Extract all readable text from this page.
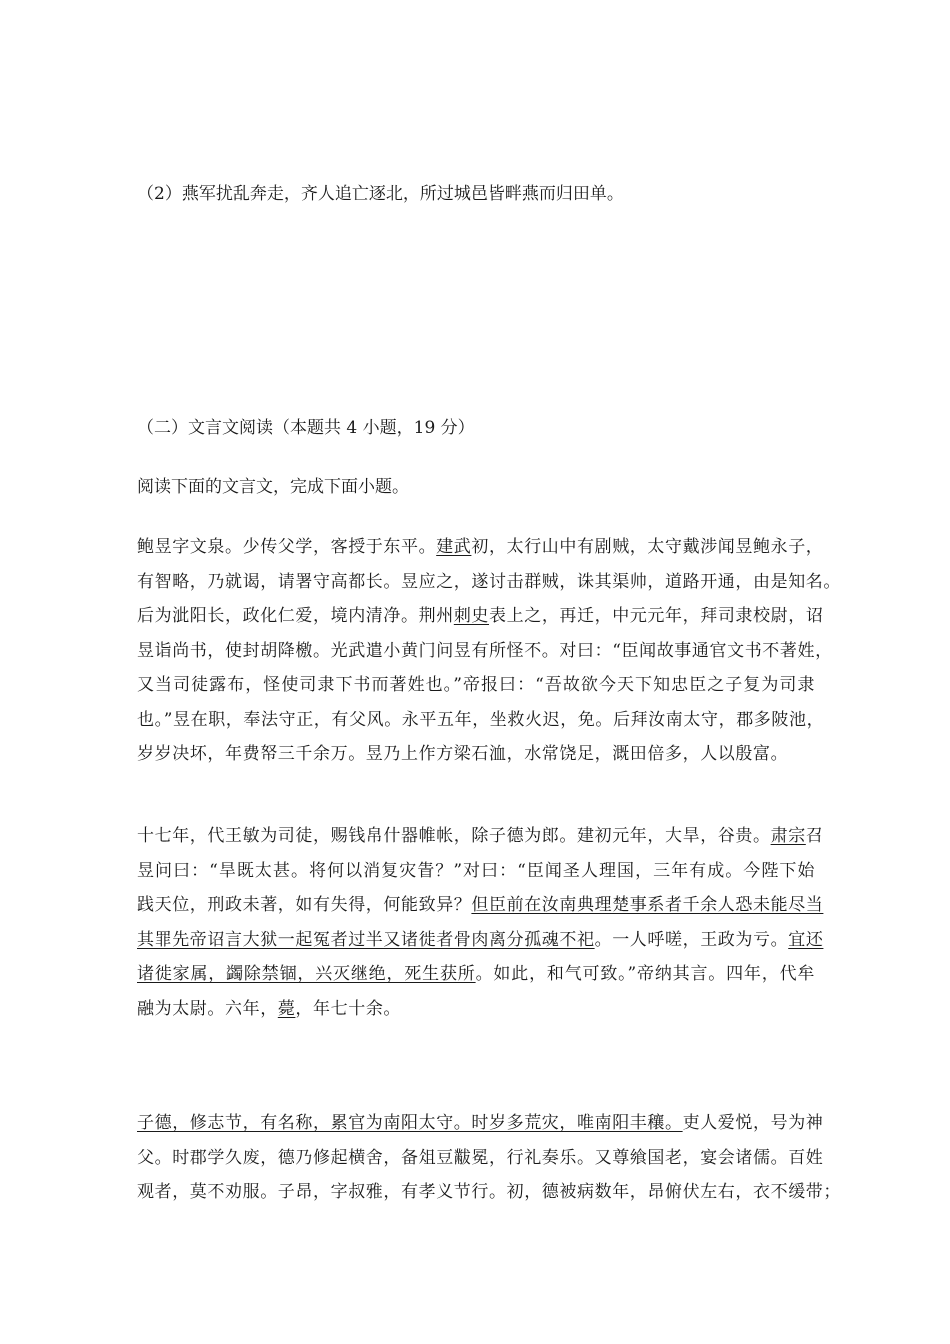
（2）燕军扰乱奔走，齐人追亡逐北，所过城邑皆畔燕而归田单。
（二）文言文阅读（本题共 4 小题，19 分）
阅读下面的文言文，完成下面小题。
鲍昱字文泉。少传父学，客授于东平。建武初，太行山中有剧贼，太守戴涉闻昱鲍永子，
有智略，乃就谒，请署守高都长。昱应之，遂讨击群贼，诛其渠帅，道路开通，由是知名。
后为泚阳长，政化仁爱，境内清净。荆州刺史表上之，再迁，中元元年，拜司隶校尉，诏
昱诣尚书，使封胡降檄。光武遣小黄门问昱有所怪不。对曰：“臣闻故事通官文书不著姓，
又当司徒露布，怪使司隶下书而著姓也。”帝报曰：“吾故欲今天下知忠臣之子复为司隶
也。”昱在职，奉法守正，有父风。永平五年，坐救火迟，免。后拜汝南太守，郡多陂池，
岁岁决坏，年费帑三千余万。昱乃上作方梁石洫，水常饶足，溉田倍多，人以殷富。
十七年，代王敏为司徒，赐钱帛什器帷帐，除子德为郎。建初元年，大旱，谷贵。肃宗召
昱问曰：“旱既太甚。将何以消复灾眚？”对曰：“臣闻圣人理国，三年有成。今陛下始
践天位，刑政未著，如有失得，何能致异？但臣前在汝南典理楚事系者千余人恐未能尽当
其罪先帝诏言大狱一起冤者过半又诸徙者骨肉离分孤魂不祀。一人呼嗟，王政为亏。宜还
诸徙家属，蠲除禁锢，兴灭继绝，死生获所。如此，和气可致。”帝纳其言。四年，代牟
融为太尉。六年，薨，年七十余。
子德，修志节，有名称，累官为南阳太守。时岁多荒灾，唯南阳丰穰。吏人爱悦，号为神
父。时郡学久废，德乃修起横舍，备俎豆黻冕，行礼奏乐。又尊飨国老，宴会诸儒。百姓
观者，莫不劝服。子昂，字叔雅，有孝义节行。初，德被病数年，昂俯伏左右，衣不缓带；
